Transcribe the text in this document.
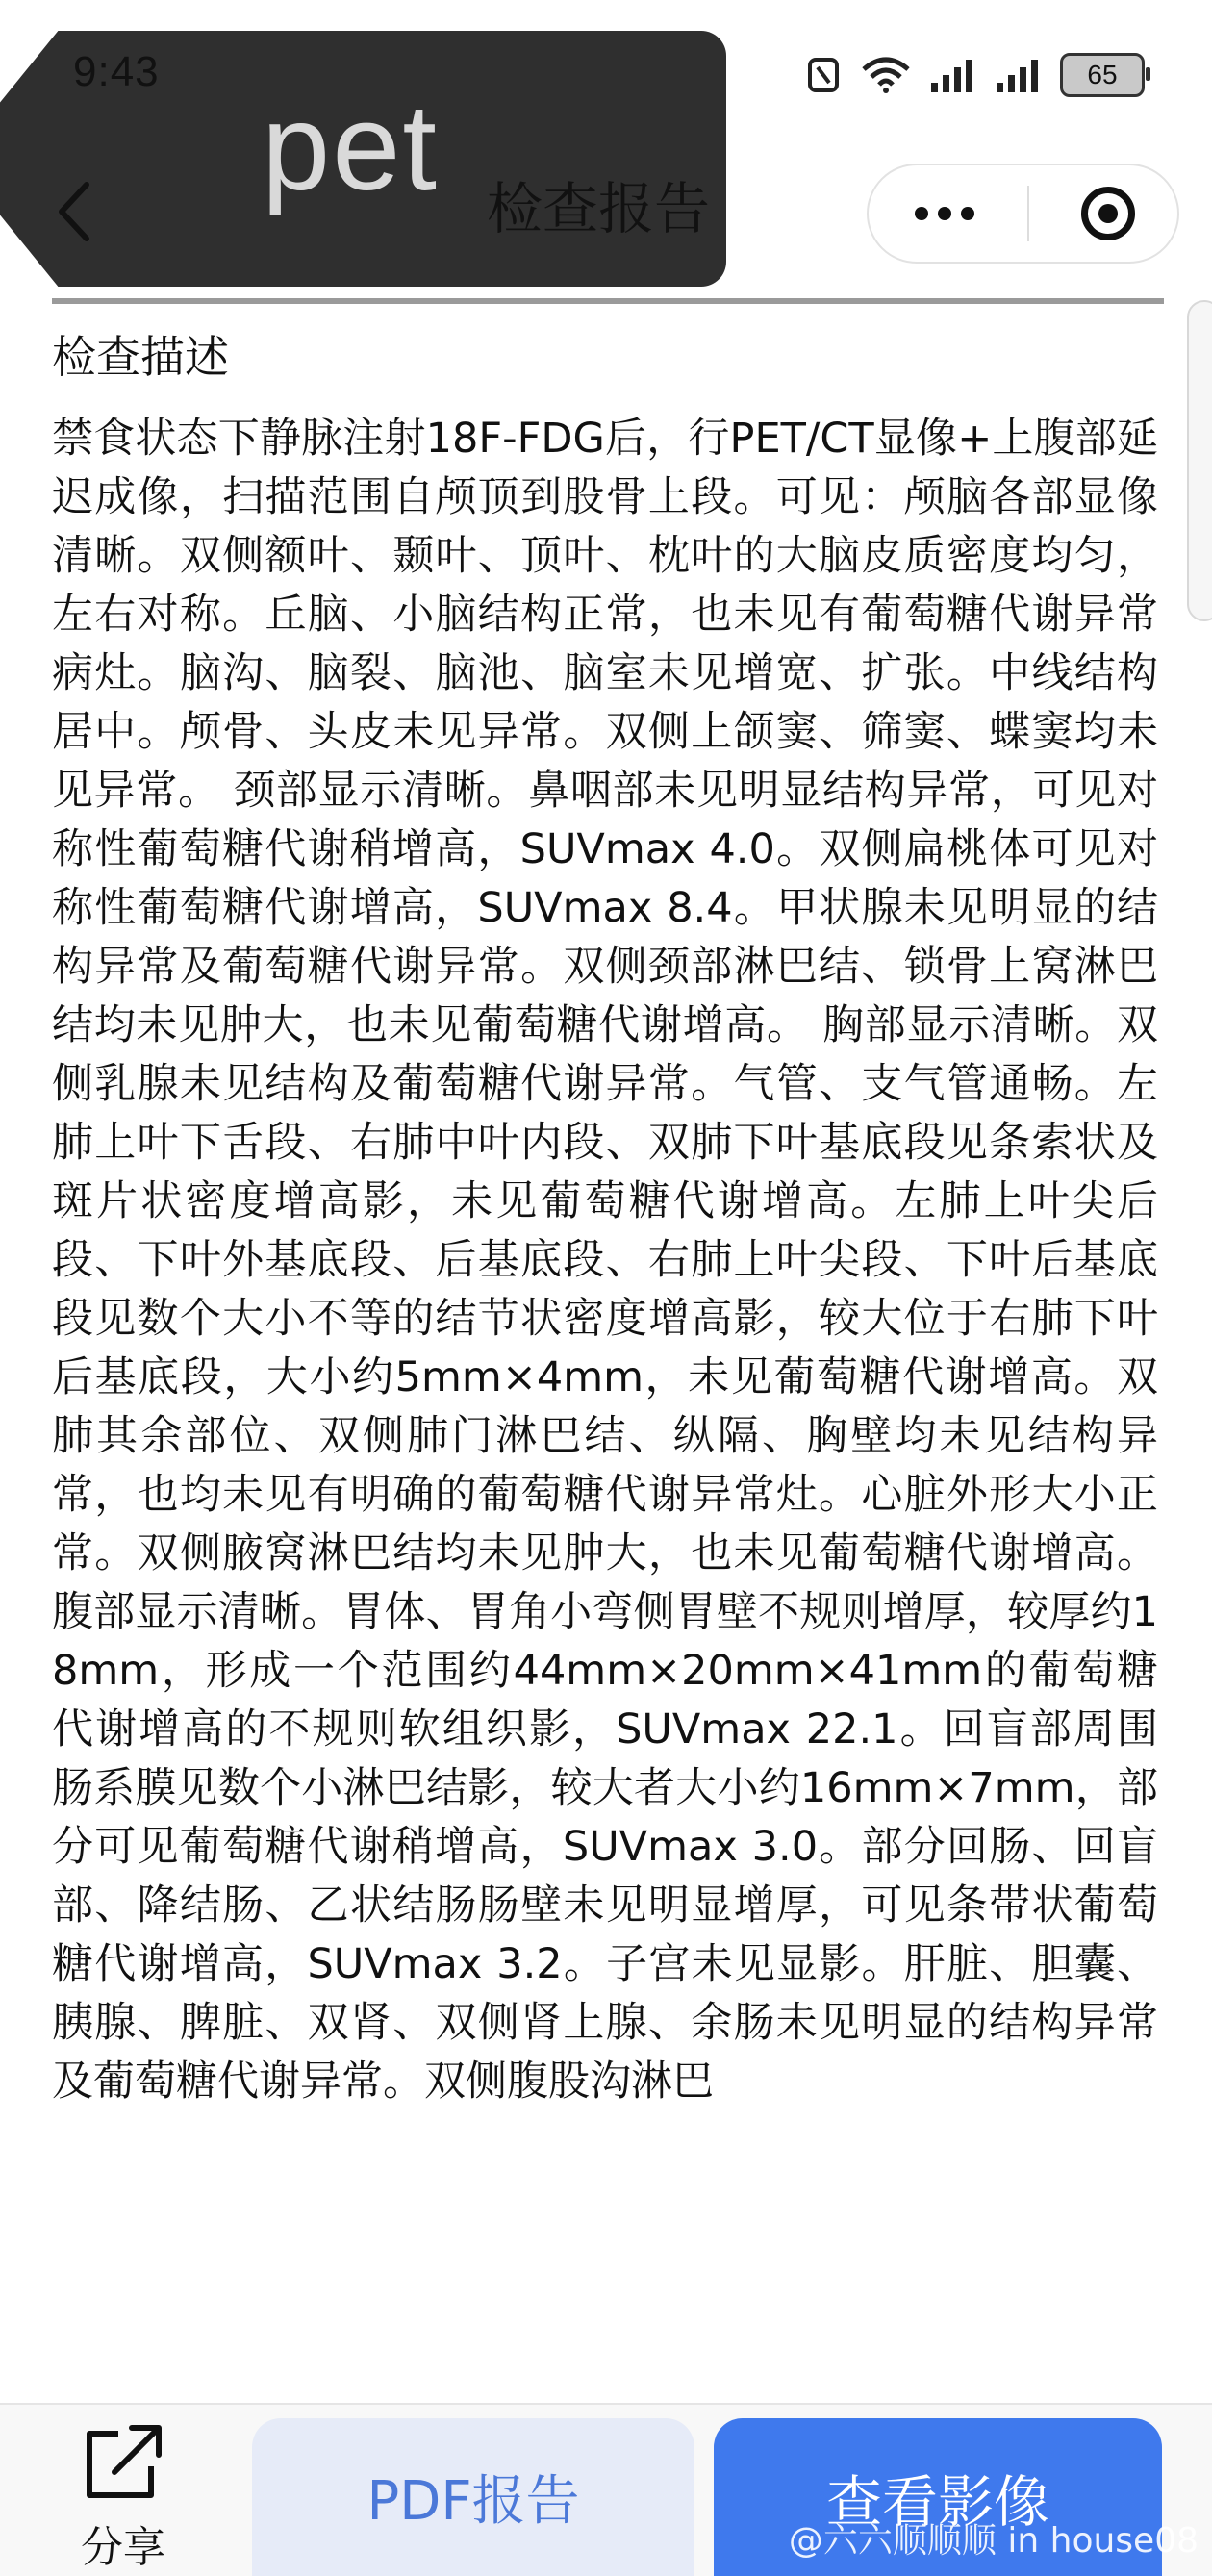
9:43	65
pet 检查报告
检查描述
禁食状态下静脉注射18F-FDG后，行PET/CT显像+上腹部延迟成像，扫描范围自颅顶到股骨上段。可见：颅脑各部显像清晰。双侧额叶、颞叶、顶叶、枕叶的大脑皮质密度均匀，左右对称。丘脑、小脑结构正常，也未见有葡萄糖代谢异常病灶。脑沟、脑裂、脑池、脑室未见增宽、扩张。中线结构居中。颅骨、头皮未见异常。双侧上颌窦、筛窦、蝶窦均未见异常。 颈部显示清晰。鼻咽部未见明显结构异常，可见对称性葡萄糖代谢稍增高，SUVmax 4.0。双侧扁桃体可见对称性葡萄糖代谢增高，SUVmax 8.4。甲状腺未见明显的结构异常及葡萄糖代谢异常。双侧颈部淋巴结、锁骨上窝淋巴结均未见肿大，也未见葡萄糖代谢增高。 胸部显示清晰。双侧乳腺未见结构及葡萄糖代谢异常。气管、支气管通畅。左肺上叶下舌段、右肺中叶内段、双肺下叶基底段见条索状及斑片状密度增高影，未见葡萄糖代谢增高。左肺上叶尖后段、下叶外基底段、后基底段、右肺上叶尖段、下叶后基底段见数个大小不等的结节状密度增高影，较大位于右肺下叶后基底段，大小约5mm×4mm，未见葡萄糖代谢增高。双肺其余部位、双侧肺门淋巴结、纵隔、胸壁均未见结构异常，也均未见有明确的葡萄糖代谢异常灶。心脏外形大小正常。双侧腋窝淋巴结均未见肿大，也未见葡萄糖代谢增高。 腹部显示清晰。胃体、胃角小弯侧胃壁不规则增厚，较厚约18mm，形成一个范围约44mm×20mm×41mm的葡萄糖代谢增高的不规则软组织影，SUVmax 22.1。回盲部周围肠系膜见数个小淋巴结影，较大者大小约16mm×7mm，部分可见葡萄糖代谢稍增高，SUVmax 3.0。部分回肠、回盲部、降结肠、乙状结肠肠壁未见明显增厚，可见条带状葡萄糖代谢增高，SUVmax 3.2。子宫未见显影。肝脏、胆囊、胰腺、脾脏、双肾、双侧肾上腺、余肠未见明显的结构异常及葡萄糖代谢异常。双侧腹股沟淋巴
分享
PDF报告	查看影像
@六六顺顺顺 in house08
